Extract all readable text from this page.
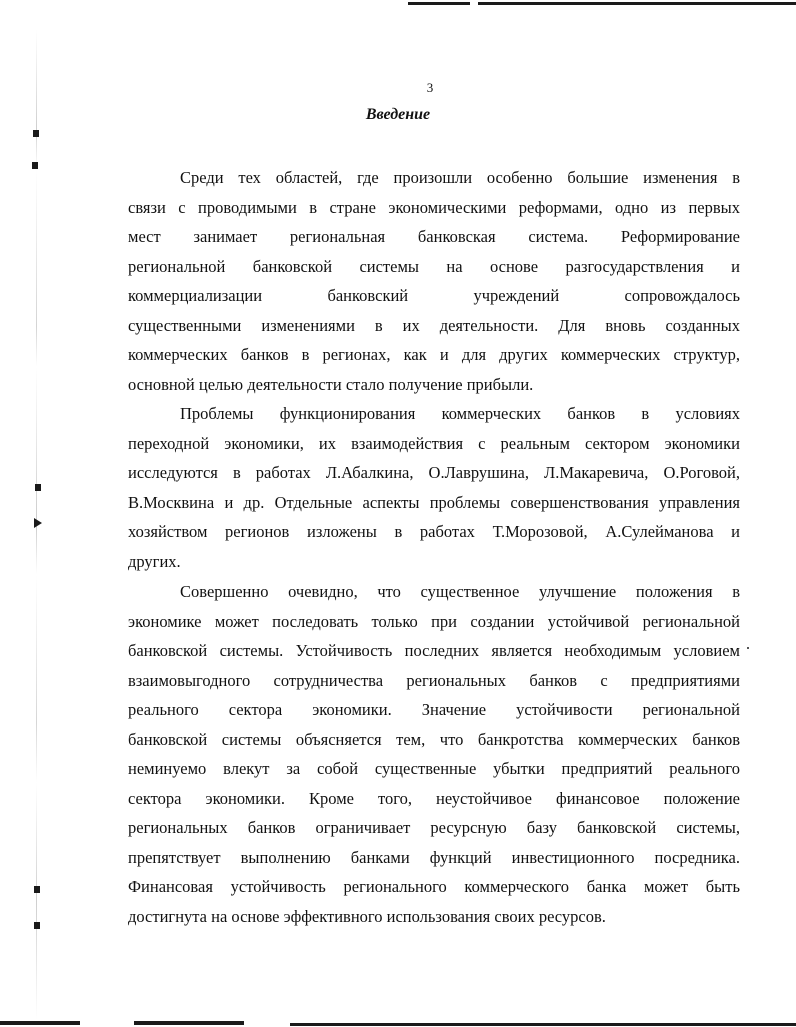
3
Введение
Среди тех областей, где произошли особенно большие изменения в
связи с проводимыми в стране экономическими реформами, одно из первых
мест занимает региональная банковская система. Реформирование
региональной банковской системы на основе разгосударствления и
коммерциализации банковский учреждений сопровождалось
существенными изменениями в их деятельности. Для вновь созданных
коммерческих банков в регионах, как и для других коммерческих структур,
основной целью деятельности стало получение прибыли.
Проблемы функционирования коммерческих банков в условиях
переходной экономики, их взаимодействия с реальным сектором экономики
исследуются в работах Л.Абалкина, О.Лаврушина, Л.Макаревича, О.Роговой,
В.Москвина и др. Отдельные аспекты проблемы совершенствования управления
хозяйством регионов изложены в работах Т.Морозовой, А.Сулейманова и
других.
Совершенно очевидно, что существенное улучшение положения в
экономике может последовать только при создании устойчивой региональной
банковской системы. Устойчивость последних является необходимым условием
взаимовыгодного сотрудничества региональных банков с предприятиями
реального сектора экономики. Значение устойчивости региональной
банковской системы объясняется тем, что банкротства коммерческих банков
неминуемо влекут за собой существенные убытки предприятий реального
сектора экономики. Кроме того, неустойчивое финансовое положение
региональных банков ограничивает ресурсную базу банковской системы,
препятствует выполнению банками функций инвестиционного посредника.
Финансовая устойчивость регионального коммерческого банка может быть
достигнута на основе эффективного использования своих ресурсов.
